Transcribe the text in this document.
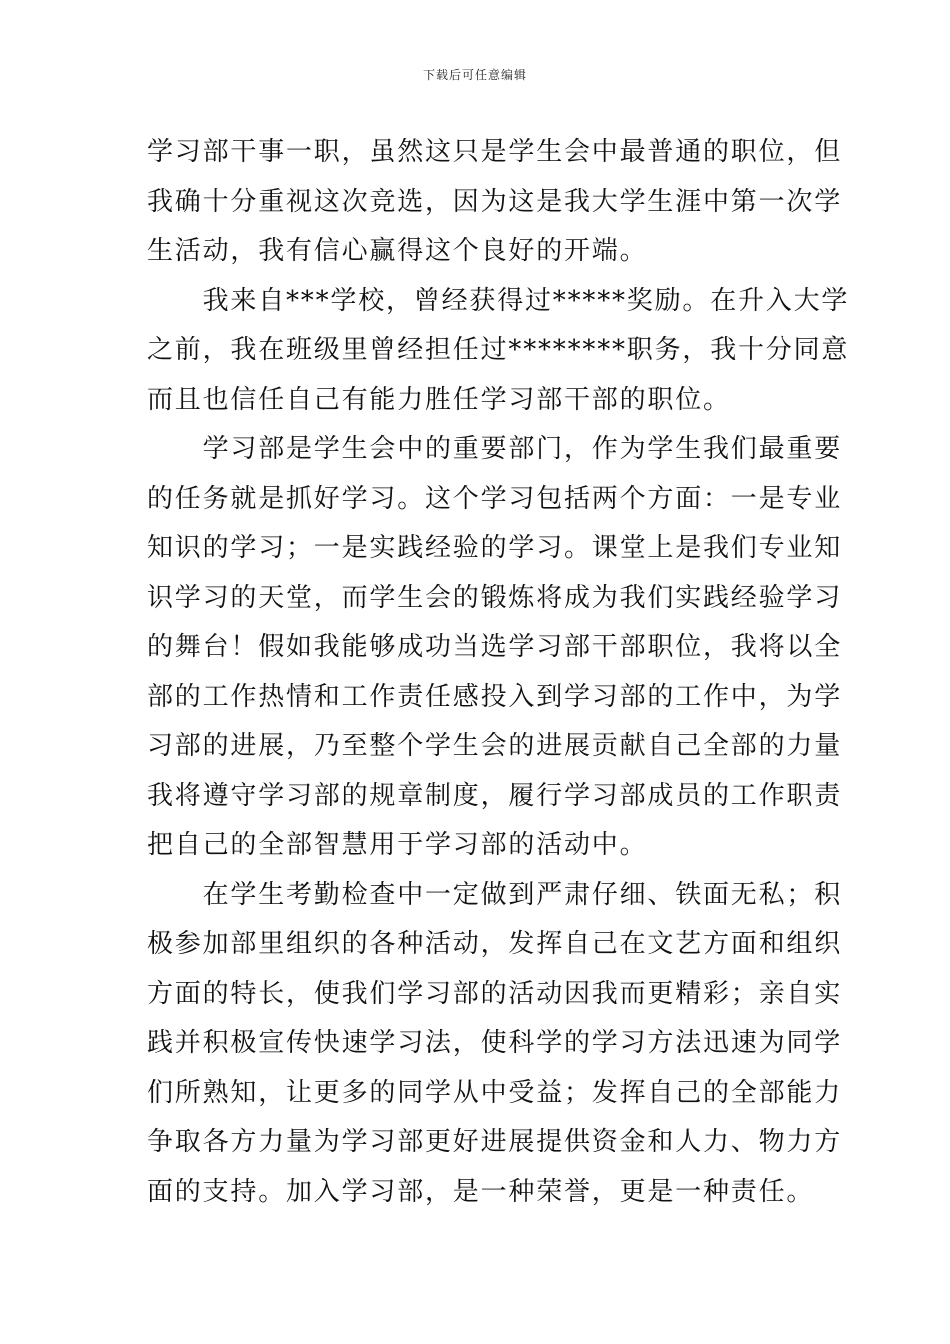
下载后可任意编辑
学习部干事一职，虽然这只是学生会中最普通的职位，但
我确十分重视这次竞选，因为这是我大学生涯中第一次学
生活动，我有信心赢得这个良好的开端。
　　我来自***学校，曾经获得过*****奖励。在升入大学
之前，我在班级里曾经担任过********职务，我十分同意
而且也信任自己有能力胜任学习部干部的职位。
　　学习部是学生会中的重要部门，作为学生我们最重要
的任务就是抓好学习。这个学习包括两个方面：一是专业
知识的学习；一是实践经验的学习。课堂上是我们专业知
识学习的天堂，而学生会的锻炼将成为我们实践经验学习
的舞台！假如我能够成功当选学习部干部职位，我将以全
部的工作热情和工作责任感投入到学习部的工作中，为学
习部的进展，乃至整个学生会的进展贡献自己全部的力量
我将遵守学习部的规章制度，履行学习部成员的工作职责
把自己的全部智慧用于学习部的活动中。
　　在学生考勤检查中一定做到严肃仔细、铁面无私；积
极参加部里组织的各种活动，发挥自己在文艺方面和组织
方面的特长，使我们学习部的活动因我而更精彩；亲自实
践并积极宣传快速学习法，使科学的学习方法迅速为同学
们所熟知，让更多的同学从中受益；发挥自己的全部能力
争取各方力量为学习部更好进展提供资金和人力、物力方
面的支持。加入学习部，是一种荣誉，更是一种责任。
